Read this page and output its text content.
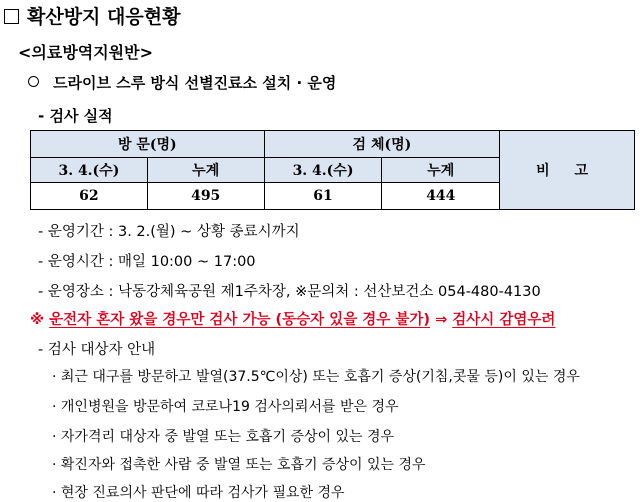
확산방지 대응현황
<의료방역지원반>
드라이브 스루 방식 선별진료소 설치 · 운영
- 검사 실적
방 문(명)		검 체(명)		비 고
3. 4.(수)	누계	3. 4.(수)	누계	
62	495	61	444	
- 운영기간 : 3. 2.(월) ~ 상황 종료시까지
- 운영시간 : 매일 10:00 ~ 17:00
- 운영장소 : 낙동강체육공원 제1주차장, ※문의처 : 선산보건소 054-480-4130
※ 운전자 혼자 왔을 경우만 검사 가능 (동승자 있을 경우 불가) ⇒ 검사시 감염우려
- 검사 대상자 안내
· 최근 대구를 방문하고 발열(37.5℃이상) 또는 호흡기 증상(기침,콧물 등)이 있는 경우
· 개인병원을 방문하여 코로나19 검사의뢰서를 받은 경우
· 자가격리 대상자 중 발열 또는 호흡기 증상이 있는 경우
· 확진자와 접촉한 사람 중 발열 또는 호흡기 증상이 있는 경우
· 현장 진료의사 판단에 따라 검사가 필요한 경우
